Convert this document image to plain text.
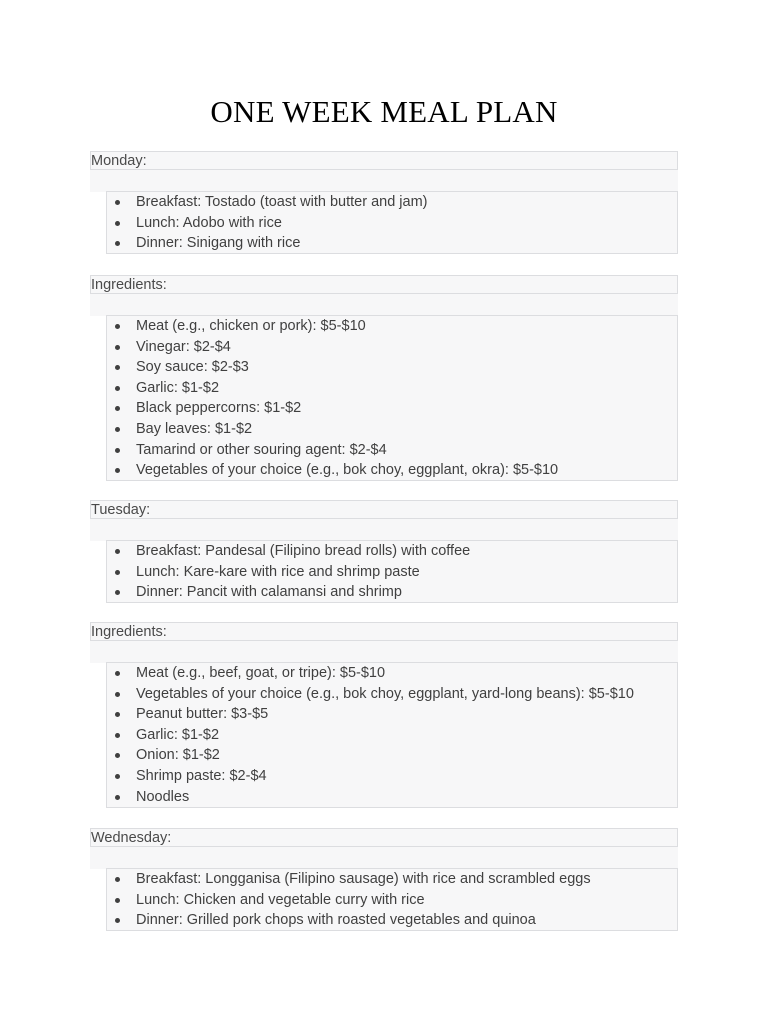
ONE WEEK MEAL PLAN
Monday:
Breakfast: Tostado (toast with butter and jam)
Lunch: Adobo with rice
Dinner: Sinigang with rice
Ingredients:
Meat (e.g., chicken or pork): $5-$10
Vinegar: $2-$4
Soy sauce: $2-$3
Garlic: $1-$2
Black peppercorns: $1-$2
Bay leaves: $1-$2
Tamarind or other souring agent: $2-$4
Vegetables of your choice (e.g., bok choy, eggplant, okra): $5-$10
Tuesday:
Breakfast: Pandesal (Filipino bread rolls) with coffee
Lunch: Kare-kare with rice and shrimp paste
Dinner: Pancit with calamansi and shrimp
Ingredients:
Meat (e.g., beef, goat, or tripe): $5-$10
Vegetables of your choice (e.g., bok choy, eggplant, yard-long beans): $5-$10
Peanut butter: $3-$5
Garlic: $1-$2
Onion: $1-$2
Shrimp paste: $2-$4
Noodles
Wednesday:
Breakfast: Longganisa (Filipino sausage) with rice and scrambled eggs
Lunch: Chicken and vegetable curry with rice
Dinner: Grilled pork chops with roasted vegetables and quinoa
